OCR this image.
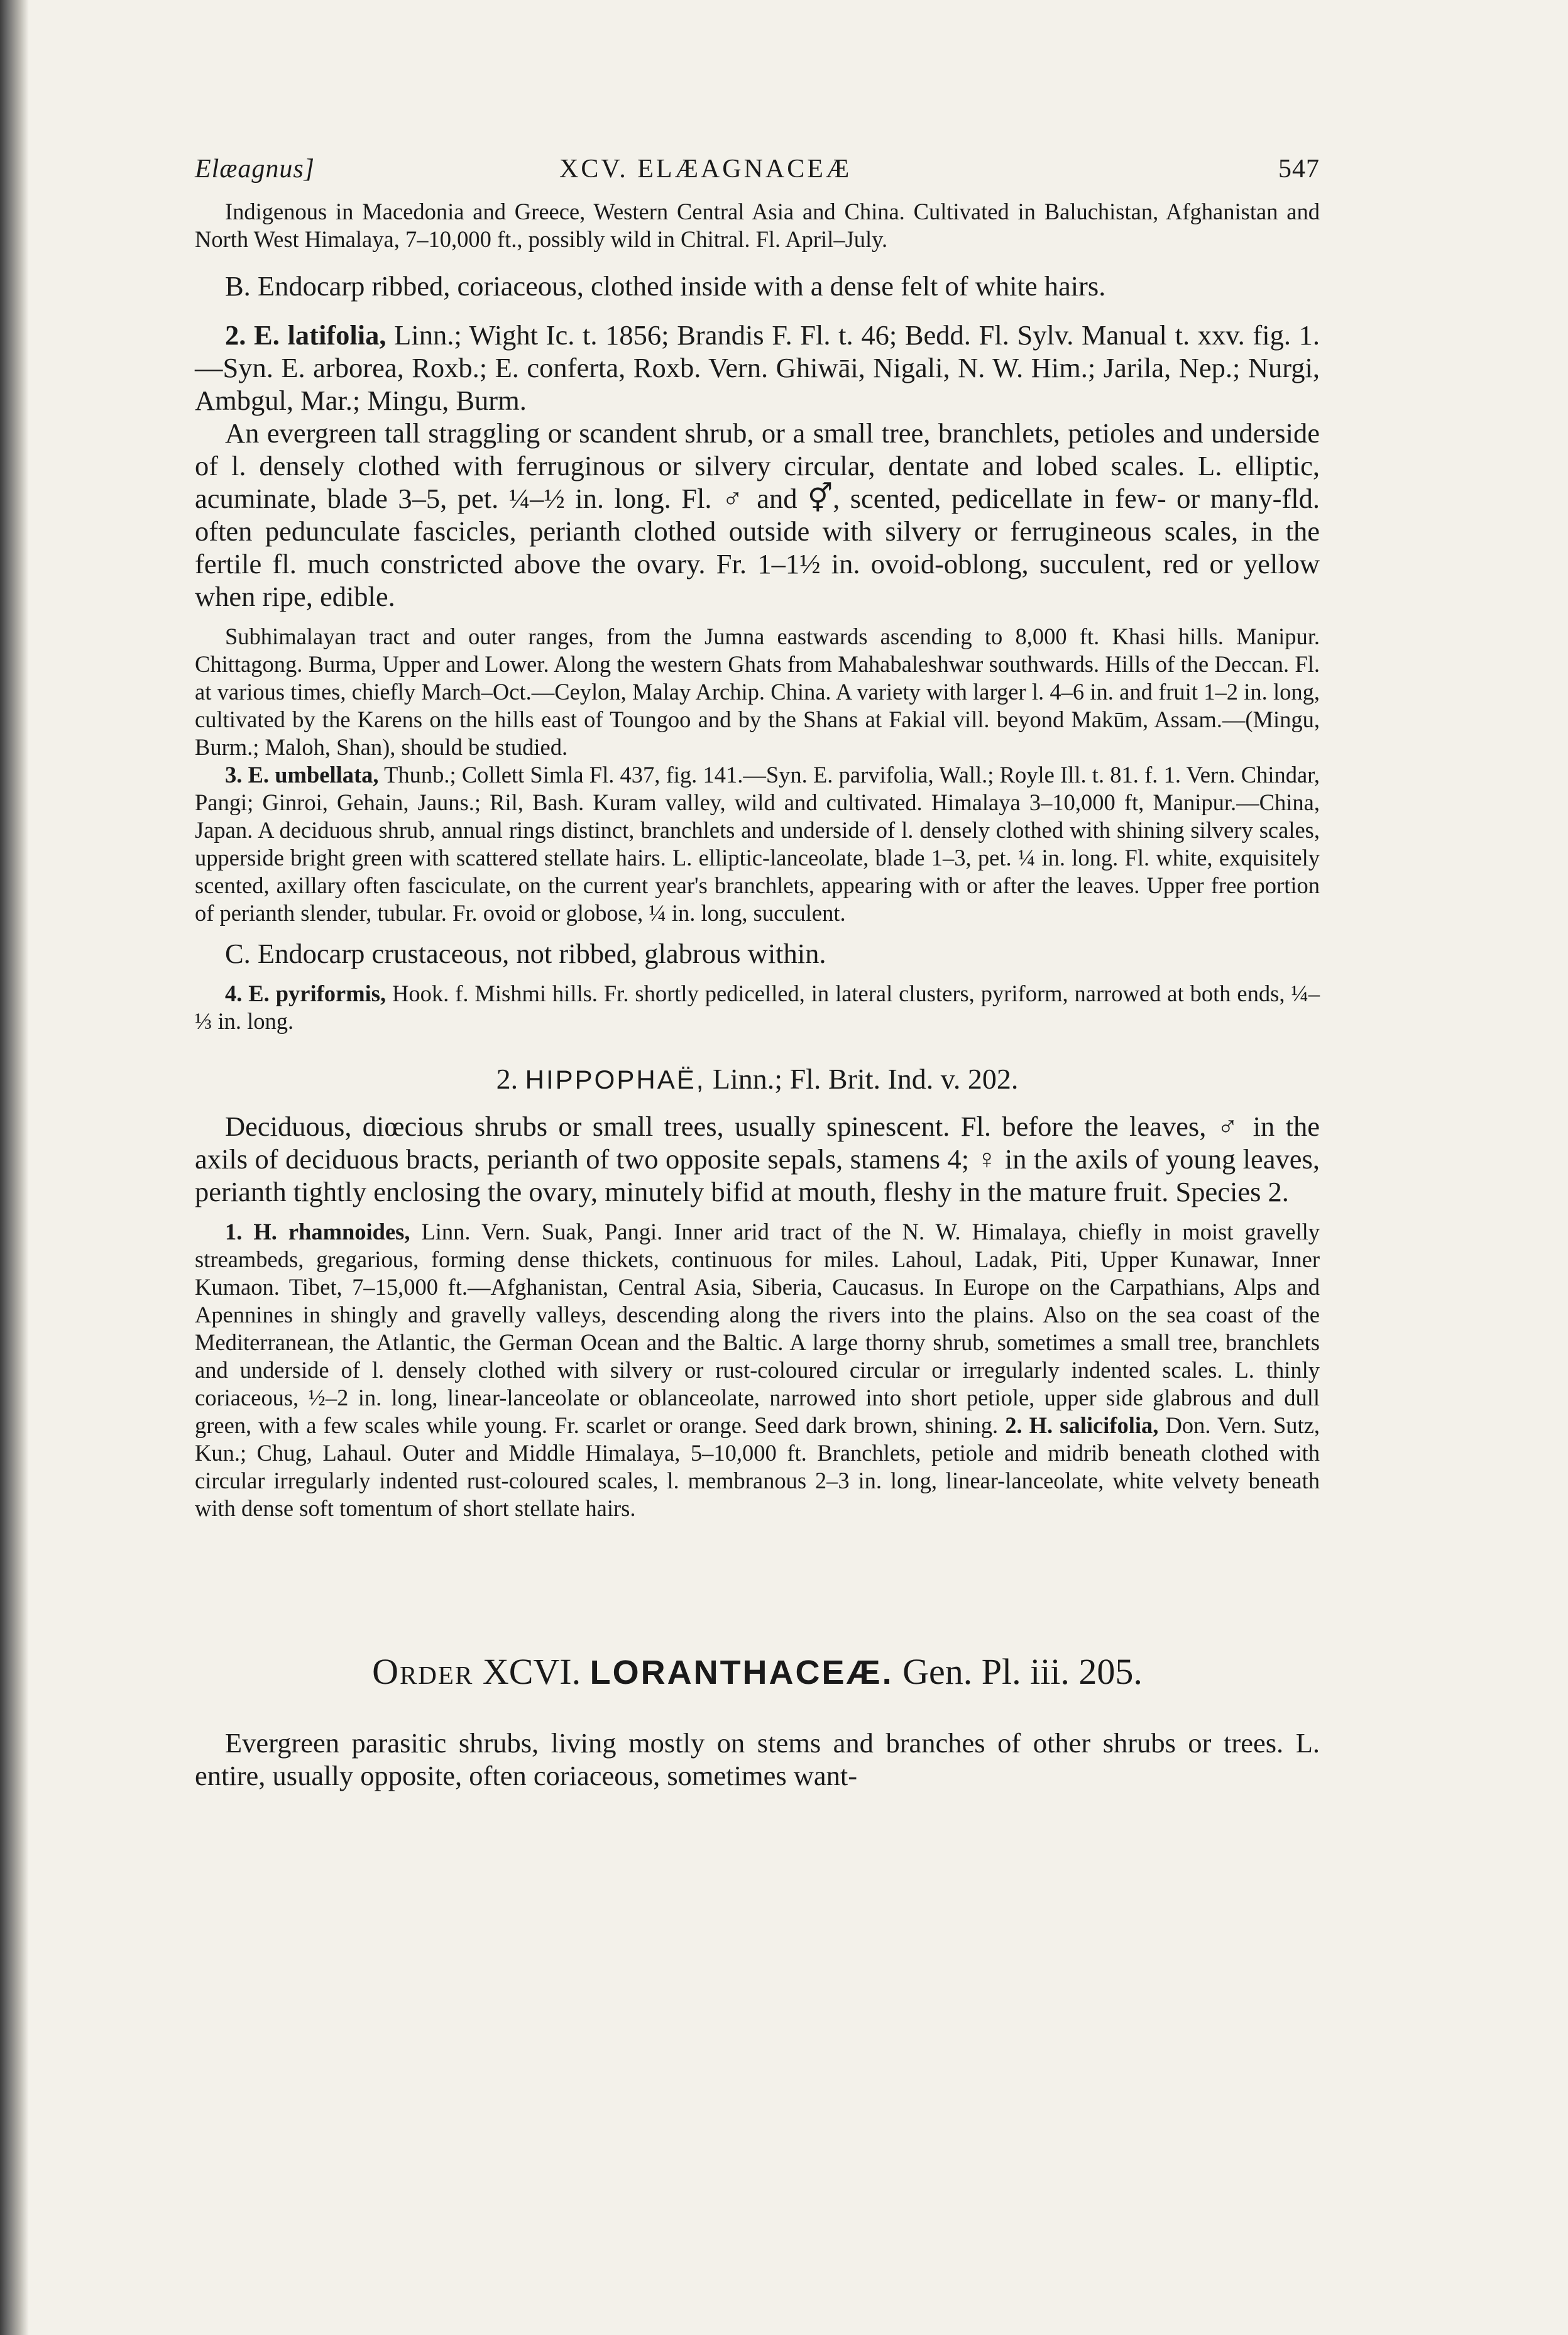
Elæagnus]	XCV. ELÆAGNACEÆ	547

Indigenous in Macedonia and Greece, Western Central Asia and China. Cultivated in Baluchistan, Afghanistan and North West Himalaya, 7–10,000 ft., possibly wild in Chitral. Fl. April–July.

B. Endocarp ribbed, coriaceous, clothed inside with a dense felt of white hairs.

2. E. latifolia, Linn.; Wight Ic. t. 1856; Brandis F. Fl. t. 46; Bedd. Fl. Sylv. Manual t. xxv. fig. 1.—Syn. E. arborea, Roxb.; E. conferta, Roxb. Vern. Ghiwāi, Nigali, N. W. Him.; Jarila, Nep.; Nurgi, Ambgul, Mar.; Mingu, Burm.

An evergreen tall straggling or scandent shrub, or a small tree, branchlets, petioles and underside of l. densely clothed with ferruginous or silvery circular, dentate and lobed scales. L. elliptic, acuminate, blade 3–5, pet. ¼–½ in. long. Fl. ♂ and ⚥, scented, pedicellate in few- or many-fld. often pedunculate fascicles, perianth clothed outside with silvery or ferrugineous scales, in the fertile fl. much constricted above the ovary. Fr. 1–1½ in. ovoid-oblong, succulent, red or yellow when ripe, edible.

Subhimalayan tract and outer ranges, from the Jumna eastwards ascending to 8,000 ft. Khasi hills. Manipur. Chittagong. Burma, Upper and Lower. Along the western Ghats from Mahabaleshwar southwards. Hills of the Deccan. Fl. at various times, chiefly March–Oct.—Ceylon, Malay Archip. China. A variety with larger l. 4–6 in. and fruit 1–2 in. long, cultivated by the Karens on the hills east of Toungoo and by the Shans at Fakial vill. beyond Makūm, Assam.—(Mingu, Burm.; Maloh, Shan), should be studied.

3. E. umbellata, Thunb.; Collett Simla Fl. 437, fig. 141.—Syn. E. parvifolia, Wall.; Royle Ill. t. 81. f. 1. Vern. Chindar, Pangi; Ginroi, Gehain, Jauns.; Ril, Bash. Kuram valley, wild and cultivated. Himalaya 3–10,000 ft, Manipur.—China, Japan. A deciduous shrub, annual rings distinct, branchlets and underside of l. densely clothed with shining silvery scales, upperside bright green with scattered stellate hairs. L. elliptic-lanceolate, blade 1–3, pet. ¼ in. long. Fl. white, exquisitely scented, axillary often fasciculate, on the current year's branchlets, appearing with or after the leaves. Upper free portion of perianth slender, tubular. Fr. ovoid or globose, ¼ in. long, succulent.

C. Endocarp crustaceous, not ribbed, glabrous within.

4. E. pyriformis, Hook. f. Mishmi hills. Fr. shortly pedicelled, in lateral clusters, pyriform, narrowed at both ends, ¼–⅓ in. long.

2. HIPPOPHAË, Linn.; Fl. Brit. Ind. v. 202.

Deciduous, diœcious shrubs or small trees, usually spinescent. Fl. before the leaves, ♂ in the axils of deciduous bracts, perianth of two opposite sepals, stamens 4; ♀ in the axils of young leaves, perianth tightly enclosing the ovary, minutely bifid at mouth, fleshy in the mature fruit. Species 2.

1. H. rhamnoides, Linn. Vern. Suak, Pangi. Inner arid tract of the N. W. Himalaya, chiefly in moist gravelly streambeds, gregarious, forming dense thickets, continuous for miles. Lahoul, Ladak, Piti, Upper Kunawar, Inner Kumaon. Tibet, 7–15,000 ft.—Afghanistan, Central Asia, Siberia, Caucasus. In Europe on the Carpathians, Alps and Apennines in shingly and gravelly valleys, descending along the rivers into the plains. Also on the sea coast of the Mediterranean, the Atlantic, the German Ocean and the Baltic. A large thorny shrub, sometimes a small tree, branchlets and underside of l. densely clothed with silvery or rust-coloured circular or irregularly indented scales. L. thinly coriaceous, ½–2 in. long, linear-lanceolate or oblanceolate, narrowed into short petiole, upper side glabrous and dull green, with a few scales while young. Fr. scarlet or orange. Seed dark brown, shining. 2. H. salicifolia, Don. Vern. Sutz, Kun.; Chug, Lahaul. Outer and Middle Himalaya, 5–10,000 ft. Branchlets, petiole and midrib beneath clothed with circular irregularly indented rust-coloured scales, l. membranous 2–3 in. long, linear-lanceolate, white velvety beneath with dense soft tomentum of short stellate hairs.

Order XCVI. LORANTHACEÆ. Gen. Pl. iii. 205.

Evergreen parasitic shrubs, living mostly on stems and branches of other shrubs or trees. L. entire, usually opposite, often coriaceous, sometimes want-
